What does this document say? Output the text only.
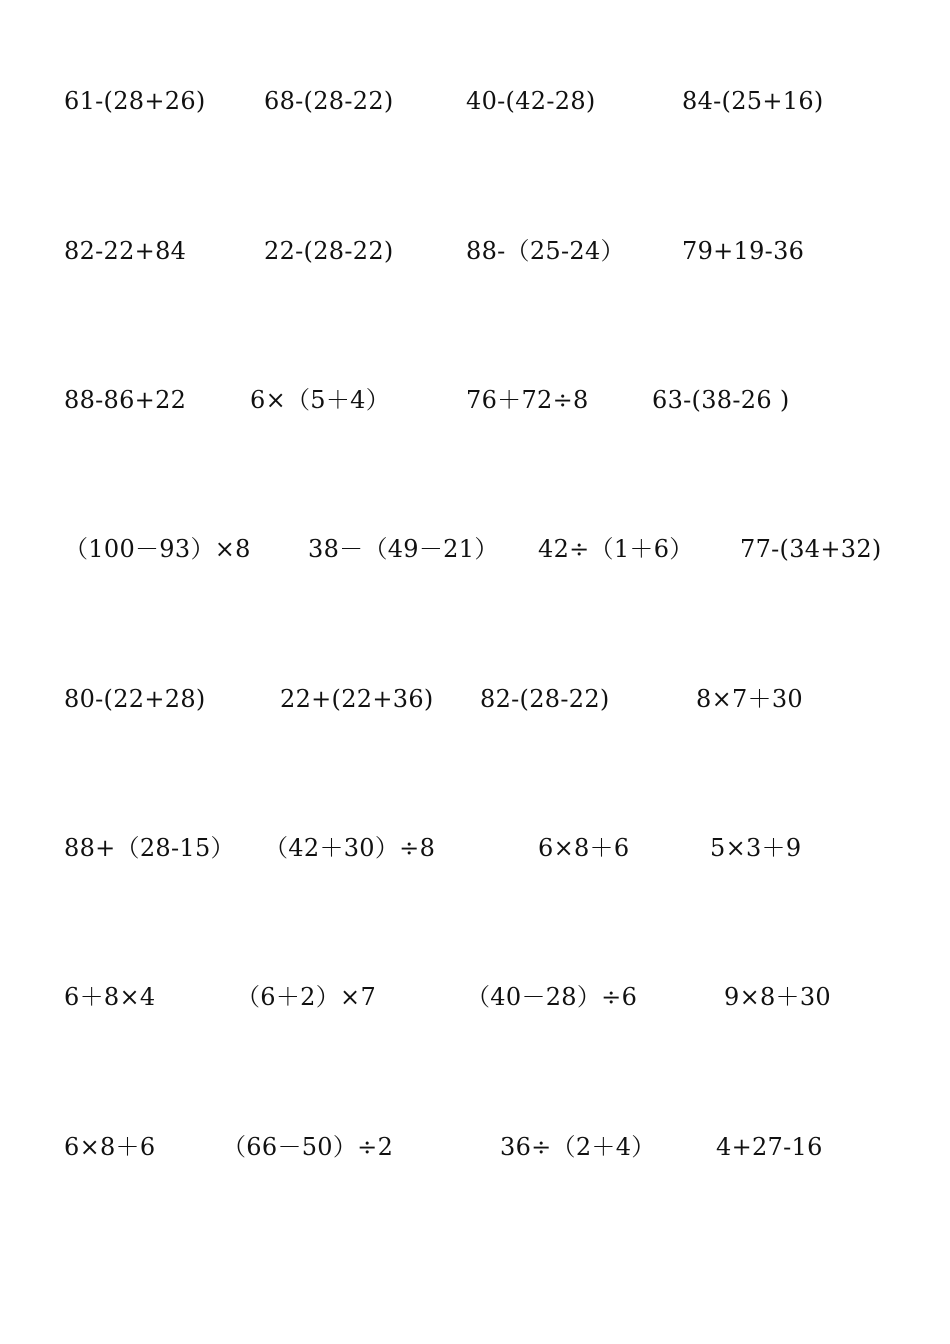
61-(28+26) 68-(28-22)	40-(42-28)	84-(25+16)
82-22+84	22-(28-22)	88-（25-24） 79+19-36
88-86+22	6×（5＋4）	76＋72÷8	63-(38-26 )
（100－93）×8 38－（49－21） 42÷（1＋6） 77-(34+32)
80-(22+28)	22+(22+36) 82-(28-22)	8×7＋30
88+（28-15） （42＋30）÷8	6×8＋6	5×3＋9
6＋8×4	（6＋2）×7	（40－28）÷6	9×8＋30
6×8＋6	（66－50）÷2	36÷（2＋4）	4+27-16
